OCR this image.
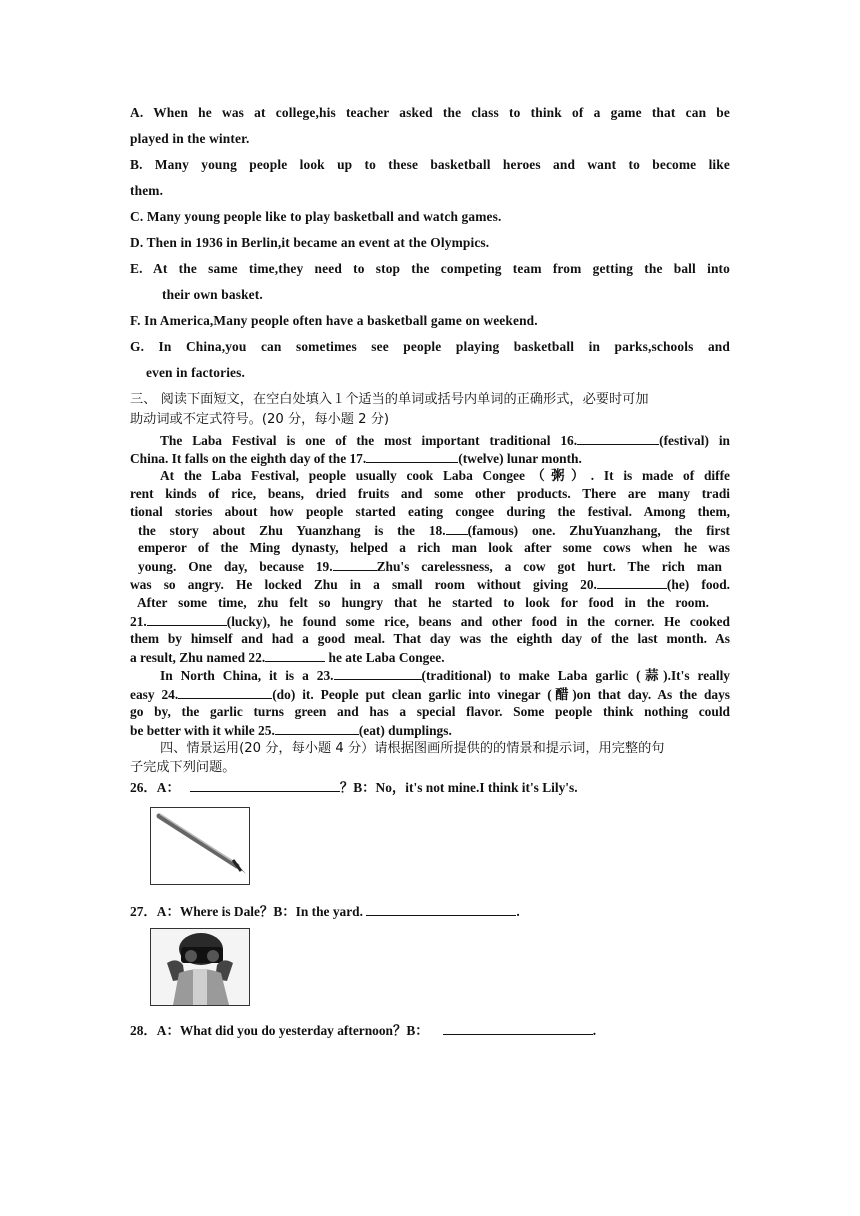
A. When he was at college,his teacher asked the class to think of a game that can be
played in the winter.
B. Many young people look up to these basketball heroes and want to become like
them.
C. Many young people like to play basketball and watch games.
D. Then in 1936 in Berlin,it became an event at the Olympics.
E. At the same time,they need to stop the competing team from getting the ball into
their own basket.
F. In America,Many people often have a basketball game on weekend.
G. In China,you can sometimes see people playing basketball in parks,schools and
even in factories.
三、 阅读下面短文，在空白处填入１个适当的单词或括号内单词的正确形式，必要时可加
助动词或不定式符号。(20 分，每小题 2 分)
The Laba Festival is one of the most important traditional 16.	(festival) in
China. It falls on the eighth day of the 17.	(twelve) lunar month.
At the Laba Festival, people usually cook Laba Congee（粥）. It is made of diffe
rent kinds of rice, beans, dried fruits and some other products. There are many tradi
tional stories about how people started eating congee during the festival. Among them,
the story about Zhu Yuanzhang is the 18. (famous) one. ZhuYuanzhang, the first
emperor of the Ming dynasty, helped a rich man look after some cows when he was
young. One day, because 19.	Zhu's carelessness, a cow got hurt. The rich man
was so angry. He locked Zhu in a small room without giving 20.	(he) food.
After some time, zhu felt so hungry that he started to look for food in the room.
21.	(lucky), he found some rice, beans and other food in the corner. He cooked
them by himself and had a good meal. That day was the eighth day of the last month. As
a result, Zhu named 22.	he ate Laba Congee.
In North China, it is a 23.	(traditional) to make Laba garlic (蒜).It's really
easy 24.	(do) it. People put clean garlic into vinegar (醋)on that day. As the days
go by, the garlic turns green and has a special flavor. Some people think nothing could
be better with it while 25.	(eat) dumplings.
四、情景运用(20 分，每小题 4 分）请根据图画所提供的的情景和提示词，用完整的句
子完成下列问题。
26．A：	？B：No，it's not mine.I think it's Lily's.
27．A：Where is Dale？B：In the yard.	.
28．A：What did you do yesterday afternoon？B：	.
